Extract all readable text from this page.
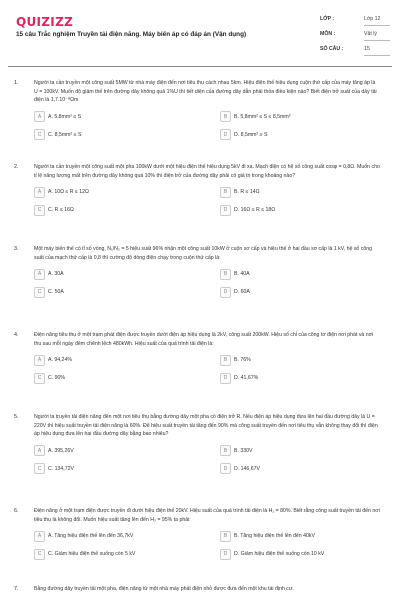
QUIZIZZ
15 câu Trắc nghiệm Truyền tải điện năng. Máy biến áp có đáp án (Vận dụng)
LỚP :	Lớp 12
MÔN :	Vật lý
SỐ CÂU :	15
1.	Người ta cần truyền một công suất 5MW từ nhà máy điện đến nơi tiêu thụ cách nhau 5km. Hiệu điện thế hiệu dụng cuộn thứ cấp của máy tăng áp là U = 100kV. Muốn độ giảm thế trên đường dây không quá 1%U thì tiết diện của đường dây dẫn phải thỏa điều kiện nào? Biết điện trở suất của dây tải điện là 1,7.10⁻⁸Ωm
A	A. 5,8mm² ≤ S	B	B. 5,8mm² ≤ S ≤ 8,5mm²
C	C. 8,5mm² ≤ S	D	D. 8,5mm² ≥ S
2.	Người ta cần truyền một công suất một pha 100kW dưới một hiệu điện thế hiệu dụng 5kV đi xa. Mạch điện có hệ số công suất cosφ = 0,8Ω. Muốn cho tỉ lệ năng lượng mất trên đường dây không quá 10% thì điện trở của đường dây phải có giá trị trong khoảng nào?
A	A. 10Ω ≤ R ≤ 12Ω	B	B. R ≤ 14Ω
C	C. R ≤ 16Ω	D	D. 16Ω ≤ R ≤ 18Ω
3.	Một máy biến thế có tỉ số vòng, N₁/N₂ = 5 hiệu suất 96% nhận một công suất 10kW ở cuộn sơ cấp và hiệu thế ở hai đầu sơ cấp là 1 kV, hệ số công suất của mạch thứ cấp là 0,8 thì cường độ dòng điện chạy trong cuộn thứ cấp là:
A	A. 30A	B	B. 40A
C	C. 50A	D	D. 60A
4.	Điện năng tiêu thụ ở một trạm phát điện được truyền dưới điện áp hiệu dụng là 2kV, công suất 200kW. Hiệu số chỉ của công tơ điện nơi phát và nơi thu sau mỗi ngày đêm chênh lệch 480kWh. Hiệu suất của quá trình tải điện là:
A	A. 94,24%	B	B. 76%
C	C. 90%	D	D. 41,67%
5.	Người ta truyền tải điện năng đến một nơi tiêu thụ bằng đường dây một pha có điện trở R. Nếu điện áp hiệu dụng đưa lên hai đầu đường dây là U = 220V thì hiệu suất truyền tải điện năng là 60%. Để hiệu suất truyền tải tăng đến 90% mà công suất truyền đến nơi tiêu thụ vẫn không thay đổi thì điện áp hiệu dụng đưa lên hai đầu đường dây bằng bao nhiêu?
A	A. 395,26V	B	B. 330V
C	C. 134,72V	D	D. 146,67V
6.	Điện năng ở một trạm điện được truyền đi dưới hiệu điện thế 20kV. Hiệu suất của quá trình tải điện là H₁ = 80%. Biết rằng công suất truyền tải đến nơi tiêu thụ là không đổi. Muốn hiệu suất tăng lên đến H₂ = 95% ta phải:
A	A. Tăng hiệu điện thế lên đến 36,7kV	B	B. Tăng hiệu điện thế lên đến 40kV
C	C. Giảm hiệu điện thế xuống còn 5 kV	D	D. Giảm hiệu điện thế xuống còn 10 kV
7.	Bằng đường dây truyền tải một pha, điện năng từ một nhà máy phát điện nhỏ được đưa đến một khu tái định cư.
